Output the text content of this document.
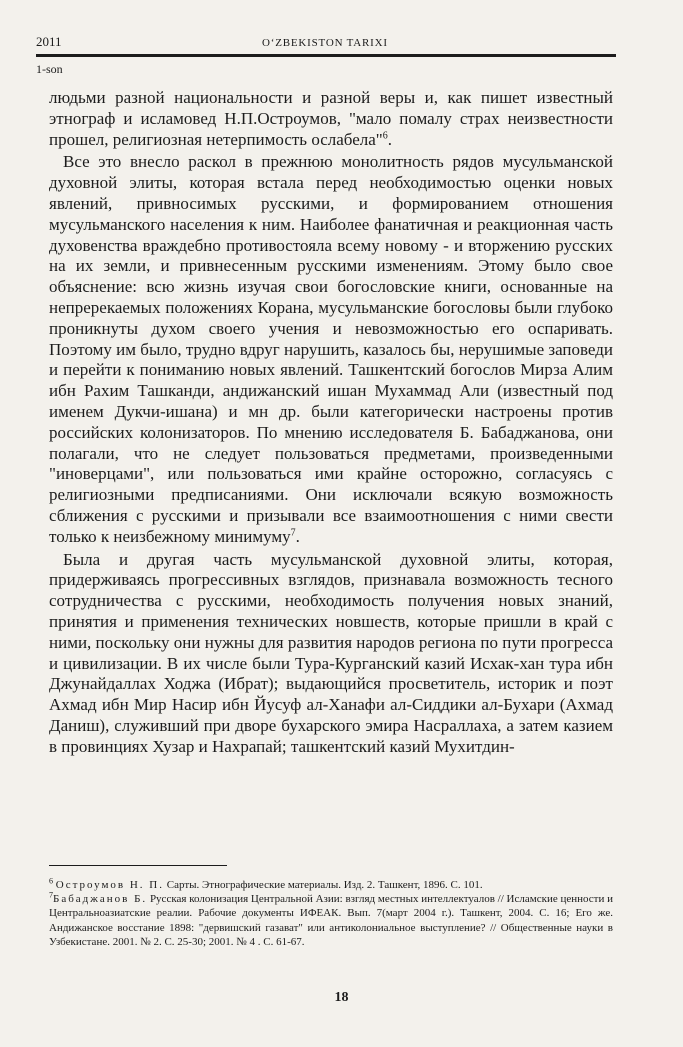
2011	O‘ZBEKISTON TARIXI
1-son

людьми разной национальности и разной веры и, как пишет известный этнограф и исламовед Н.П.Остроумов, "мало помалу страх неизвестности прошел, религиозная нетерпимость ослабела"$^6$.

Все это внесло раскол в прежнюю монолитность рядов мусульманской духовной элиты, которая встала перед необходимостью оценки новых явлений, привносимых русскими, и формированием отношения мусульманского населения к ним. Наиболее фанатичная и реакционная часть духовенства враждебно противостояла всему новому - и вторжению русских на их земли, и привнесенным русскими изменениям. Этому было свое объяснение: всю жизнь изучая свои богословские книги, основанные на непререкаемых положениях Корана, мусульманские богословы были глубоко проникнуты духом своего учения и невозможностью его оспаривать. Поэтому им было, трудно вдруг нарушить, казалось бы, нерушимые заповеди и перейти к пониманию новых явлений. Ташкентский богослов Мирза Алим ибн Рахим Ташканди, андижанский ишан Мухаммад Али (известный под именем Дукчи-ишана) и мн др. были категорически настроены против российских колонизаторов. По мнению исследователя Б. Бабаджанова, они полагали, что не следует пользоваться предметами, произведенными "иноверцами", или пользоваться ими крайне осторожно, согласуясь с религиозными предписаниями. Они исключали всякую возможность сближения с русскими и призывали все взаимоотношения с ними свести только к неизбежному минимуму$^7$.

Была и другая часть мусульманской духовной элиты, которая, придерживаясь прогрессивных взглядов, признавала возможность тесного сотрудничества с русскими, необходимость получения новых знаний, принятия и применения технических новшеств, которые пришли в край с ними, поскольку они нужны для развития народов региона по пути прогресса и цивилизации. В их числе были Тура-Курганский казий Исхак-хан тура ибн Джунайдаллах Ходжа (Ибрат); выдающийся просветитель, историк и поэт Ахмад ибн Мир Насир ибн Йусуф ал-Ханафи ал-Сиддики ал-Бухари (Ахмад Даниш), служивший при дворе бухарского эмира Насраллаха, а затем казием в провинциях Хузар и Нахрапай; ташкентский казий Мухитдин-

$^6$ Остроумов Н. П. Сарты. Этнографические материалы. Изд. 2. Ташкент, 1896. С. 101.

$^7$Бабаджанов Б. Русская колонизация Центральной Азии: взгляд местных интеллектуалов // Исламские ценности и Центральноазиатские реалии. Рабочие документы ИФЕАК. Вып. 7(март 2004 г.). Ташкент, 2004. С. 16; Его же. Андижанское восстание 1898: "дервишский газават" или антиколониальное выступление? // Общественные науки в Узбекистане. 2001. № 2. С. 25-30; 2001. № 4 . С. 61-67.

18
